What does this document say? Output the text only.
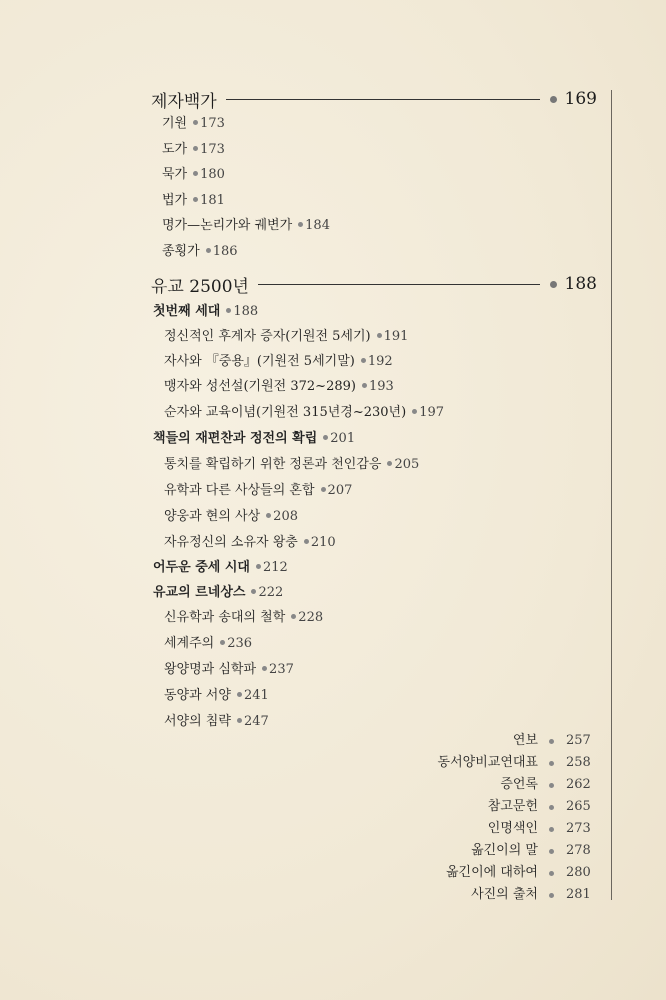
제자백가	169
기원 173
도가 173
묵가 180
법가 181
명가—논리가와 궤변가 184
종횡가 186
유교 2500년	188
첫번째 세대 188
정신적인 후계자 증자(기원전 5세기) 191
자사와 『중용』(기원전 5세기말) 192
맹자와 성선설(기원전 372~289) 193
순자와 교육이념(기원전 315년경~230년) 197
책들의 재편찬과 정전의 확립 201
통치를 확립하기 위한 정론과 천인감응 205
유학과 다른 사상들의 혼합 207
양웅과 현의 사상 208
자유정신의 소유자 왕충 210
어두운 중세 시대 212
유교의 르네상스 222
신유학과 송대의 철학 228
세계주의 236
왕양명과 심학파 237
동양과 서양 241
서양의 침략 247
연보 257
동서양비교연대표 258
증언록 262
참고문헌 265
인명색인 273
옮긴이의 말 278
옮긴이에 대하여 280
사진의 출처 281
